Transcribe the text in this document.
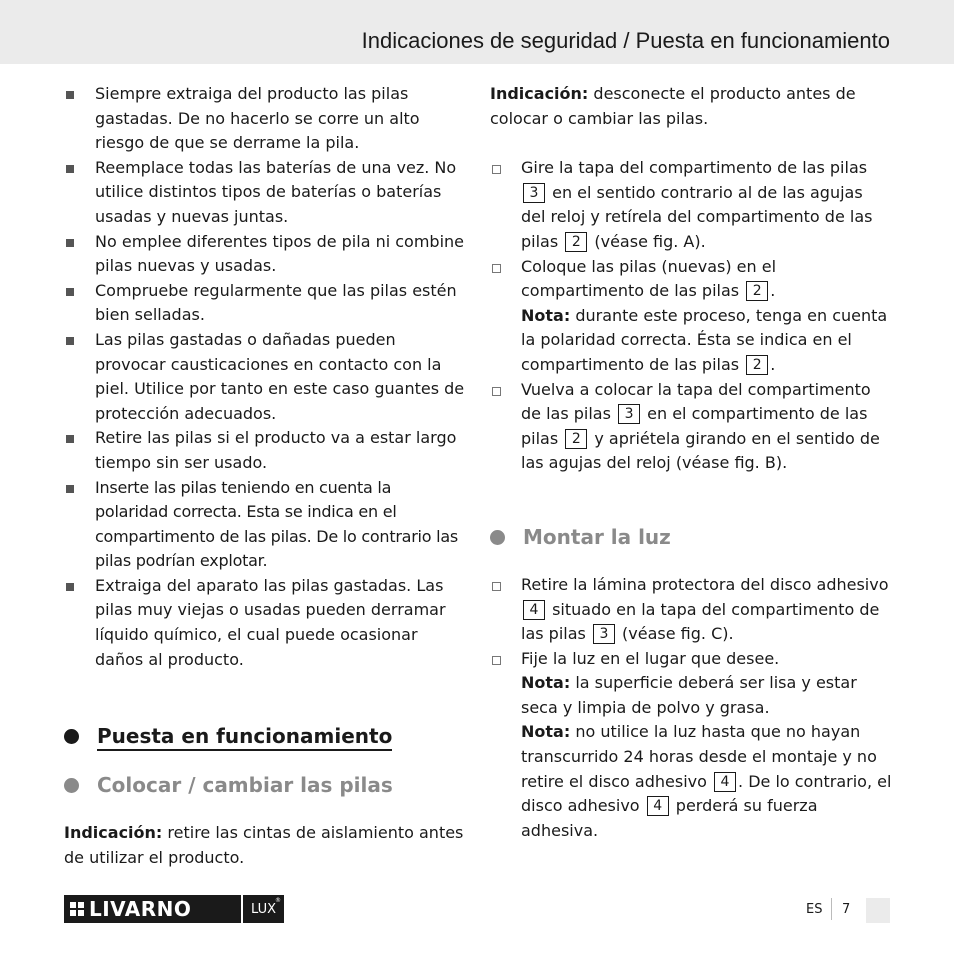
Indicaciones de seguridad / Puesta en funcionamiento
Siempre extraiga del producto las pilas gastadas. De no hacerlo se corre un alto riesgo de que se derrame la pila.
Reemplace todas las baterías de una vez. No utilice distintos tipos de baterías o baterías usadas y nuevas juntas.
No emplee diferentes tipos de pila ni combine pilas nuevas y usadas.
Compruebe regularmente que las pilas estén bien selladas.
Las pilas gastadas o dañadas pueden provocar causticaciones en contacto con la piel. Utilice por tanto en este caso guantes de protección adecuados.
Retire las pilas si el producto va a estar largo tiempo sin ser usado.
Inserte las pilas teniendo en cuenta la polaridad correcta. Esta se indica en el compartimento de las pilas. De lo contrario las pilas podrían explotar.
Extraiga del aparato las pilas gastadas. Las pilas muy viejas o usadas pueden derramar líquido químico, el cual puede ocasionar daños al producto.
Puesta en funcionamiento
Colocar / cambiar las pilas
Indicación: retire las cintas de aislamiento antes de utilizar el producto.
Indicación: desconecte el producto antes de colocar o cambiar las pilas.
Gire la tapa del compartimento de las pilas 3 en el sentido contrario al de las agujas del reloj y retírela del compartimento de las pilas 2 (véase fig. A).
Coloque las pilas (nuevas) en el compartimento de las pilas 2 .
Nota: durante este proceso, tenga en cuenta la polaridad correcta. Ésta se indica en el compartimento de las pilas 2 .
Vuelva a colocar la tapa del compartimento de las pilas 3 en el compartimento de las pilas 2 y apriétela girando en el sentido de las agujas del reloj (véase fig. B).
Montar la luz
Retire la lámina protectora del disco adhesivo 4 situado en la tapa del compartimento de las pilas 3 (véase fig. C).
Fije la luz en el lugar que desee.
Nota: la superficie deberá ser lisa y estar seca y limpia de polvo y grasa.
Nota: no utilice la luz hasta que no hayan transcurrido 24 horas desde el montaje y no retire el disco adhesivo 4 . De lo contrario, el disco adhesivo 4 perderá su fuerza adhesiva.
LIVARNO	LUX
®
ES 7
